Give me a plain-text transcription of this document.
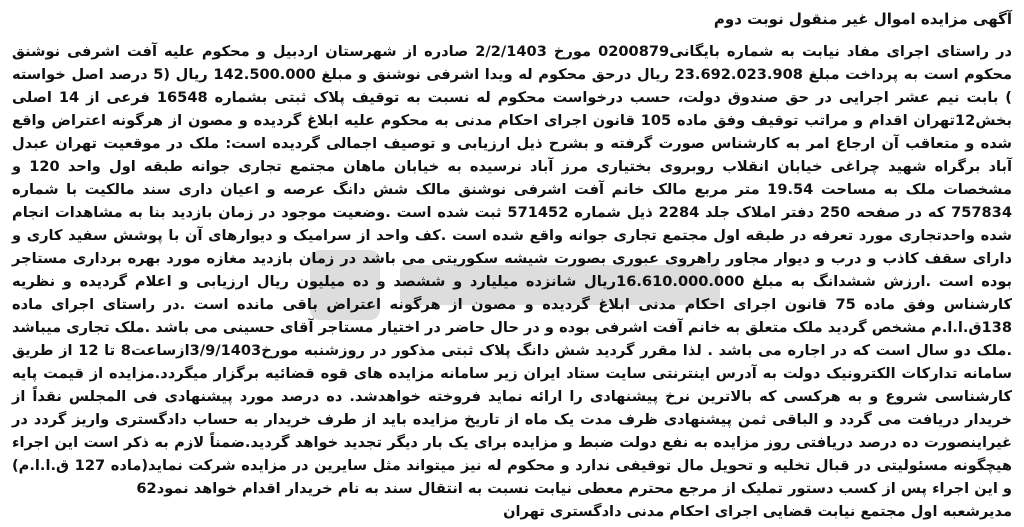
آگهی مزایده اموال غیر منقول نوبت دوم

در راستای اجرای مفاد نیابت به شماره بایگانی0200879 مورخ 2/2/1403 صادره از شهرستان اردبیل و محکوم علیه آفت اشرفی نوشنق محکوم است به پرداخت مبلغ 23.692.023.908 ریال درحق محکوم له ویدا اشرفی نوشنق و مبلغ 142.500.000 ریال (5 درصد اصل خواسته ) بابت نیم عشر اجرایی در حق صندوق دولت، حسب درخواست محکوم له نسبت به توقیف پلاک ثبتی بشماره 16548 فرعی از 14 اصلی بخش12تهران اقدام و مراتب توقیف وفق ماده 105 قانون اجرای احکام مدنی به محکوم علیه ابلاغ گردیده و مصون از هرگونه اعتراض واقع شده و متعاقب آن ارجاع امر به کارشناس صورت گرفته و بشرح ذیل ارزیابی و توصیف اجمالی گردیده است: ملک در موقعیت تهران عبدل آباد برگراه شهید چراغی خیابان انقلاب روبروی بختیاری مرز آباد نرسیده به خیابان ماهان مجتمع تجاری جوانه طبقه اول واحد 120 و مشخصات ملک به مساحت 19.54 متر مربع مالک خانم آفت اشرفی نوشنق مالک شش دانگ عرصه و اعیان داری سند مالکیت با شماره 757834 که در صفحه 250 دفتر املاک جلد 2284 ذیل شماره 571452 ثبت شده است .وضعیت موجود در زمان بازدید بنا به مشاهدات انجام شده واحدتجاری مورد تعرفه در طبقه اول مجتمع تجاری جوانه واقع شده است .کف واحد از سرامیک و دیوارهای آن با پوشش سفید کاری و دارای سقف کاذب و درب و دیوار مجاور راهروی عبوری بصورت شیشه سکوریتی می باشد در زمان بازدید مغازه مورد بهره برداری مستاجر بوده است .ارزش ششدانگ به مبلغ 16.610.000.000ریال شانزده میلیارد و ششصد و ده میلیون ریال ارزیابی و اعلام گردیده و نظریه کارشناس وفق ماده 75 قانون اجرای احکام مدنی ابلاغ گردیده و مصون از هرگونه اعتراض باقی مانده است .در راستای اجرای ماده 138ق.ا.ا.م مشخص گردید ملک متعلق به خانم آفت اشرفی بوده و در حال حاضر در اختیار مستاجر آقای حسینی می باشد .ملک تجاری میباشد .ملک دو سال است که در اجاره می باشد . لذا مقرر گردید شش دانگ پلاک ثبتی مذکور در روزشنبه مورخ3/9/1403ازساعت8 تا 12 از طریق سامانه تدارکات الکترونیک دولت به آدرس اینترنتی سایت ستاد ایران زیر سامانه مزایده های قوه قضائیه برگزار میگردد.مزایده از قیمت پایه کارشناسی شروع و به هرکسی که بالاترین نرخ پیشنهادی را ارائه نماید فروخته خواهدشد. ده درصد مورد پیشنهادی فی المجلس نقداً از خریدار دریافت می گردد و الباقی ثمن پیشنهادی ظرف مدت یک ماه از تاریخ مزایده باید از طرف خریدار به حساب دادگستری واریز گردد در غیراینصورت ده درصد دریافتی روز مزایده به نفع دولت ضبط و مزایده برای یک بار دیگر تجدید خواهد گردید.ضمناً لازم به ذکر است این اجراء هیچگونه مسئولیتی در قبال تخلیه و تحویل مال توقیفی ندارد و محکوم له نیز میتواند مثل سایرین در مزایده شرکت نماید(ماده 127 ق.ا.ا.م) و این اجراء پس از کسب دستور تملیک از مرجع محترم معطی نیابت نسبت به انتقال سند به نام خریدار اقدام خواهد نمود62

مدیرشعبه اول مجتمع نیابت قضایی اجرای احکام مدنی دادگستری تهران
